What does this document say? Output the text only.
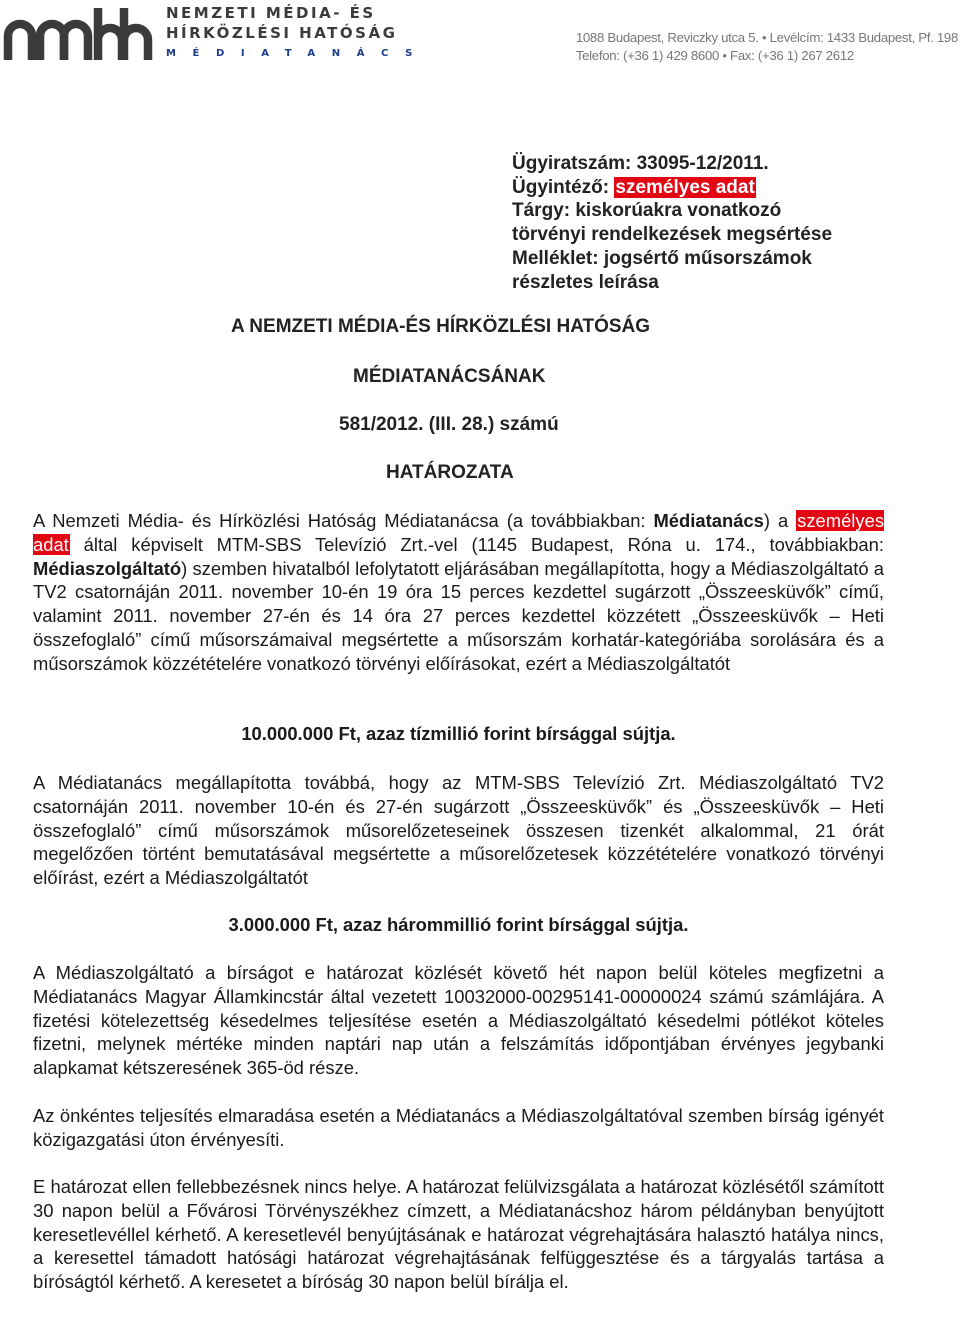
NEMZETI MÉDIA- ÉS
HÍRKÖZLÉSI HATÓSÁG
MÉDIATANÁCS
1088 Budapest, Reviczky utca 5. • Levélcím: 1433 Budapest, Pf. 198
Telefon: (+36 1) 429 8600 • Fax: (+36 1) 267 2612
Ügyiratszám: 33095-12/2011.
Ügyintéző: személyes adat
Tárgy: kiskorúakra vonatkozó
törvényi rendelkezések megsértése
Melléklet: jogsértő műsorszámok
részletes leírása
A NEMZETI MÉDIA-ÉS HÍRKÖZLÉSI HATÓSÁG
MÉDIATANÁCSÁNAK
581/2012. (III. 28.) számú
HATÁROZATA
A Nemzeti Média- és Hírközlési Hatóság Médiatanácsa (a továbbiakban: Médiatanács) a személyes adat által képviselt MTM-SBS Televízió Zrt.-vel (1145 Budapest, Róna u. 174., továbbiakban: Médiaszolgáltató) szemben hivatalból lefolytatott eljárásában megállapította, hogy a Médiaszolgáltató a TV2 csatornáján 2011. november 10-én 19 óra 15 perces kezdettel sugárzott „Összeesküvők” című, valamint 2011. november 27-én és 14 óra 27 perces kezdettel közzétett „Összeesküvők – Heti összefoglaló” című műsorszámaival megsértette a műsorszám korhatár-kategóriába sorolására és a műsorszámok közzétételére vonatkozó törvényi előírásokat, ezért a Médiaszolgáltatót
10.000.000 Ft, azaz tízmillió forint bírsággal sújtja.
A Médiatanács megállapította továbbá, hogy az MTM-SBS Televízió Zrt. Médiaszolgáltató TV2 csatornáján 2011. november 10-én és 27-én sugárzott „Összeesküvők” és „Összeesküvők – Heti összefoglaló” című műsorszámok műsorelőzeteseinek összesen tizenkét alkalommal, 21 órát megelőzően történt bemutatásával megsértette a műsorelőzetesek közzétételére vonatkozó törvényi előírást, ezért a Médiaszolgáltatót
3.000.000 Ft, azaz hárommillió forint bírsággal sújtja.
A Médiaszolgáltató a bírságot e határozat közlését követő hét napon belül köteles megfizetni a Médiatanács Magyar Államkincstár által vezetett 10032000-00295141-00000024 számú számlájára. A fizetési kötelezettség késedelmes teljesítése esetén a Médiaszolgáltató késedelmi pótlékot köteles fizetni, melynek mértéke minden naptári nap után a felszámítás időpontjában érvényes jegybanki alapkamat kétszeresének 365-öd része.
Az önkéntes teljesítés elmaradása esetén a Médiatanács a Médiaszolgáltatóval szemben bírság igényét közigazgatási úton érvényesíti.
E határozat ellen fellebbezésnek nincs helye. A határozat felülvizsgálata a határozat közlésétől számított 30 napon belül a Fővárosi Törvényszékhez címzett, a Médiatanácshoz három példányban benyújtott keresetlevéllel kérhető. A keresetlevél benyújtásának e határozat végrehajtására halasztó hatálya nincs, a keresettel támadott hatósági határozat végrehajtásának felfüggesztése és a tárgyalás tartása a bíróságtól kérhető. A keresetet a bíróság 30 napon belül bírálja el.
